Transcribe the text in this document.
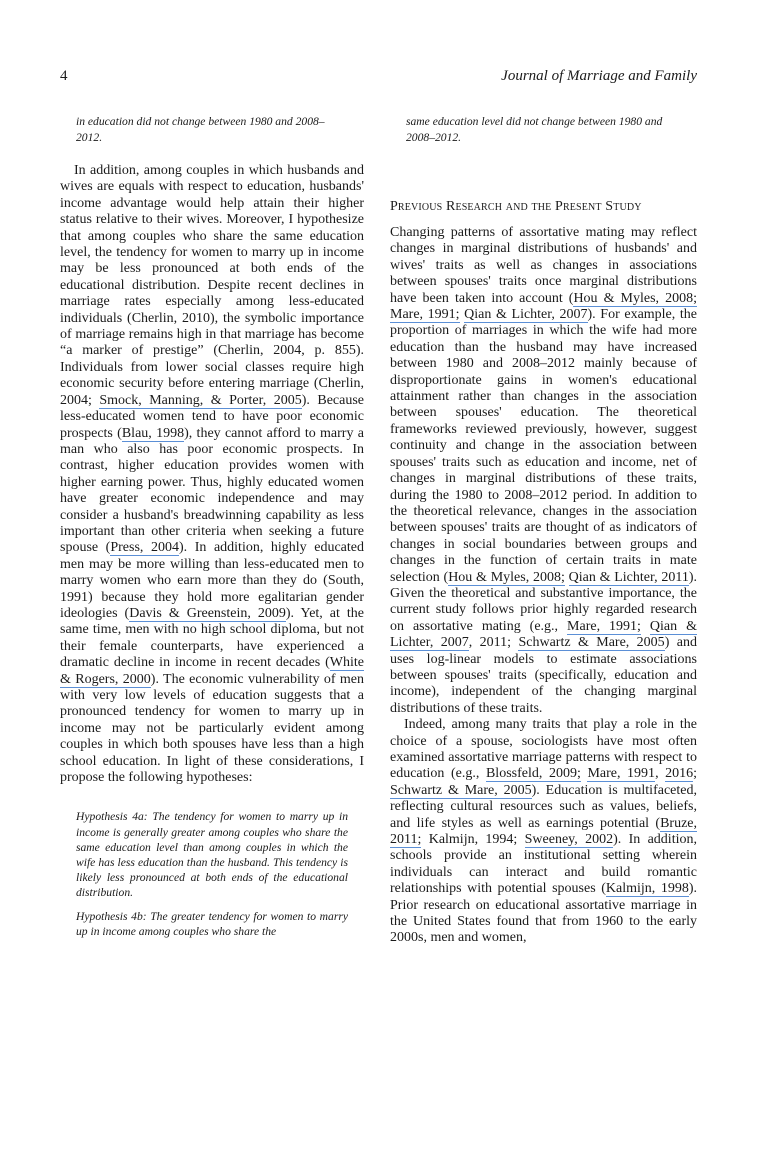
4	Journal of Marriage and Family

in education did not change between 1980 and 2008–2012.

In addition, among couples in which husbands and wives are equals with respect to education, husbands' income advantage would help attain their higher status relative to their wives. Moreover, I hypothesize that among couples who share the same education level, the tendency for women to marry up in income may be less pronounced at both ends of the educational distribution. Despite recent declines in marriage rates especially among less-educated individuals (Cherlin, 2010), the symbolic importance of marriage remains high in that marriage has become “a marker of prestige” (Cherlin, 2004, p. 855). Individuals from lower social classes require high economic security before entering marriage (Cherlin, 2004; Smock, Manning, & Porter, 2005). Because less-educated women tend to have poor economic prospects (Blau, 1998), they cannot afford to marry a man who also has poor economic prospects. In contrast, higher education provides women with higher earning power. Thus, highly educated women have greater economic independence and may consider a husband's breadwinning capability as less important than other criteria when seeking a future spouse (Press, 2004). In addition, highly educated men may be more willing than less-educated men to marry women who earn more than they do (South, 1991) because they hold more egalitarian gender ideologies (Davis & Greenstein, 2009). Yet, at the same time, men with no high school diploma, but not their female counterparts, have experienced a dramatic decline in income in recent decades (White & Rogers, 2000). The economic vulnerability of men with very low levels of education suggests that a pronounced tendency for women to marry up in income may not be particularly evident among couples in which both spouses have less than a high school education. In light of these considerations, I propose the following hypotheses:

Hypothesis 4a: The tendency for women to marry up in income is generally greater among couples who share the same education level than among couples in which the wife has less education than the husband. This tendency is likely less pronounced at both ends of the educational distribution.

Hypothesis 4b: The greater tendency for women to marry up in income among couples who share the

same education level did not change between 1980 and 2008–2012.

Previous Research and the Present Study

Changing patterns of assortative mating may reflect changes in marginal distributions of husbands' and wives' traits as well as changes in associations between spouses' traits once marginal distributions have been taken into account (Hou & Myles, 2008; Mare, 1991; Qian & Lichter, 2007). For example, the proportion of marriages in which the wife had more education than the husband may have increased between 1980 and 2008–2012 mainly because of disproportionate gains in women's educational attainment rather than changes in the association between spouses' education. The theoretical frameworks reviewed previously, however, suggest continuity and change in the association between spouses' traits such as education and income, net of changes in marginal distributions of these traits, during the 1980 to 2008–2012 period. In addition to the theoretical relevance, changes in the association between spouses' traits are thought of as indicators of changes in social boundaries between groups and changes in the function of certain traits in mate selection (Hou & Myles, 2008; Qian & Lichter, 2011). Given the theoretical and substantive importance, the current study follows prior highly regarded research on assortative mating (e.g., Mare, 1991; Qian & Lichter, 2007, 2011; Schwartz & Mare, 2005) and uses log-linear models to estimate associations between spouses' traits (specifically, education and income), independent of the changing marginal distributions of these traits.

Indeed, among many traits that play a role in the choice of a spouse, sociologists have most often examined assortative marriage patterns with respect to education (e.g., Blossfeld, 2009; Mare, 1991, 2016; Schwartz & Mare, 2005). Education is multifaceted, reflecting cultural resources such as values, beliefs, and life styles as well as earnings potential (Bruze, 2011; Kalmijn, 1994; Sweeney, 2002). In addition, schools provide an institutional setting wherein individuals can interact and build romantic relationships with potential spouses (Kalmijn, 1998). Prior research on educational assortative marriage in the United States found that from 1960 to the early 2000s, men and women,
